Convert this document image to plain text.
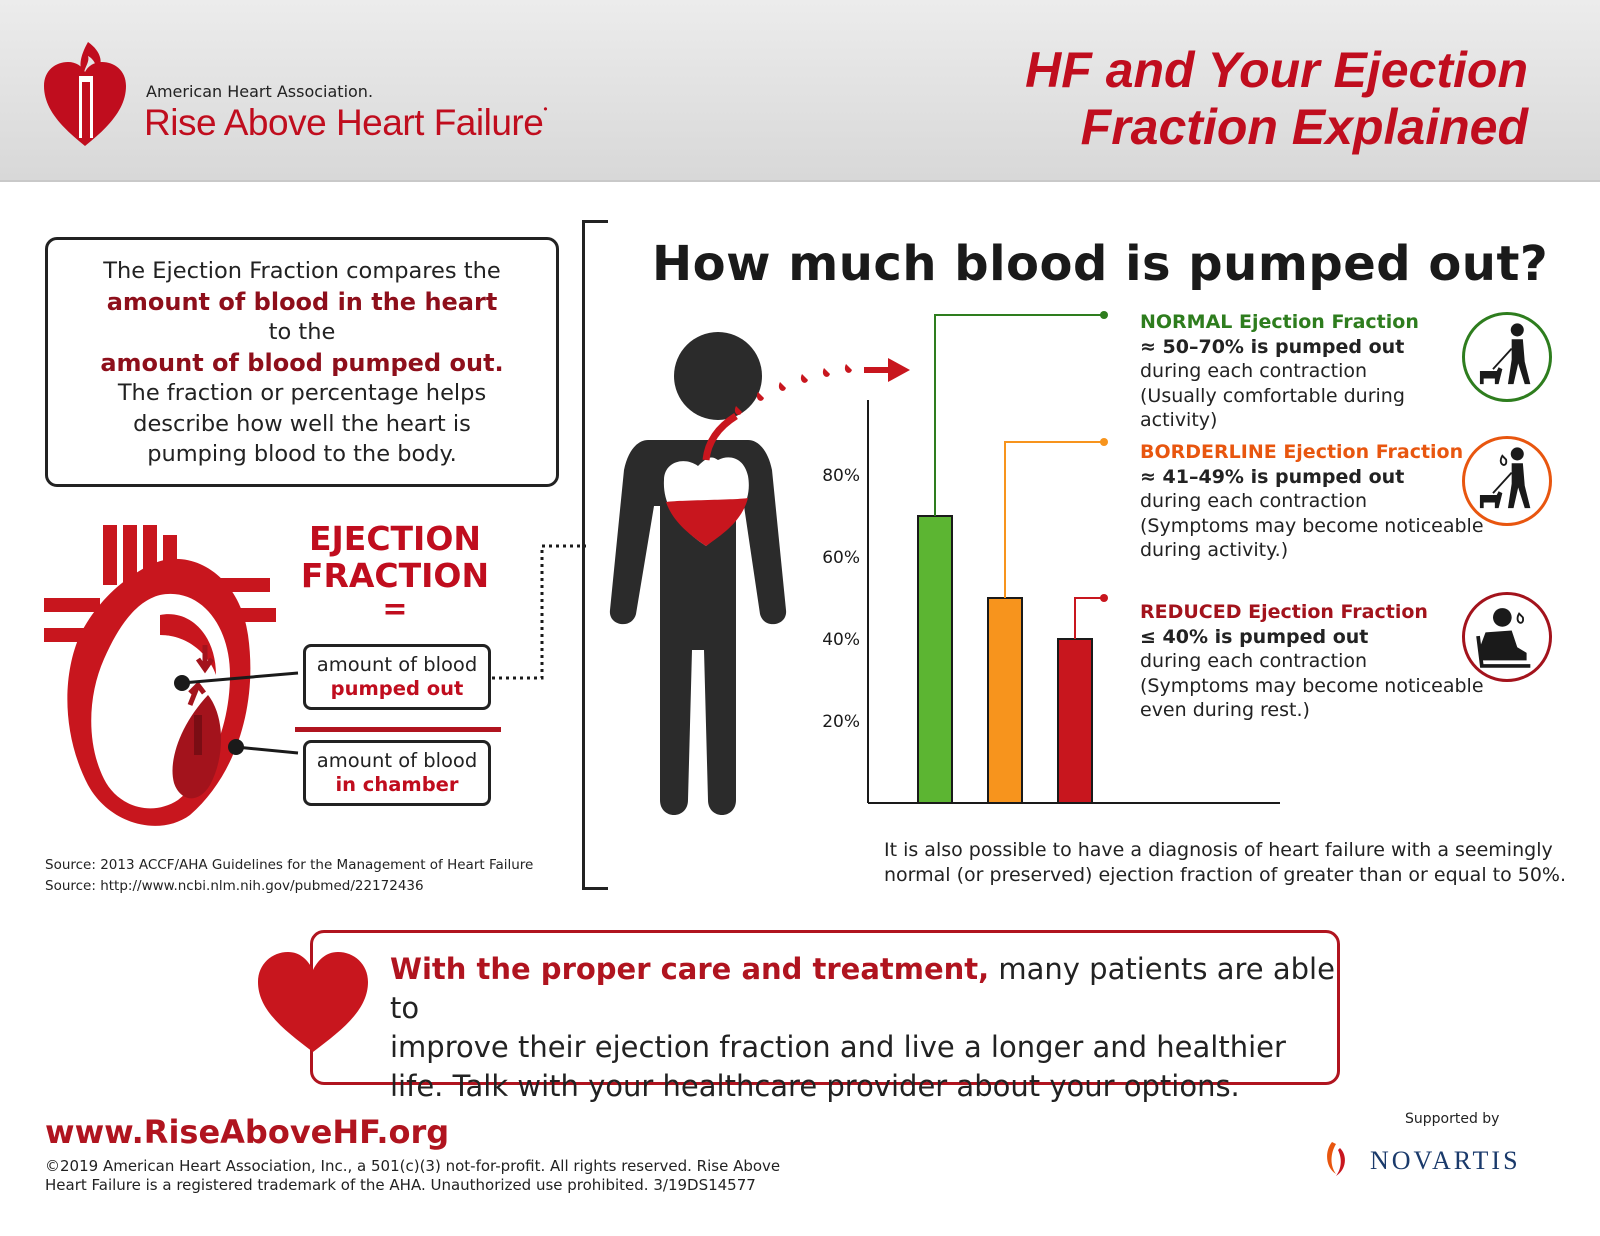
American Heart Association.
Rise Above Heart Failure•
HF and Your Ejection
Fraction Explained
The Ejection Fraction compares the
amount of blood in the heart
to the
amount of blood pumped out.
The fraction or percentage helps
describe how well the heart is
pumping blood to the body.
EJECTION
FRACTION
=
amount of blood
pumped out
amount of blood
in chamber
Source: 2013 ACCF/AHA Guidelines for the Management of Heart Failure
Source: http://www.ncbi.nlm.nih.gov/pubmed/22172436
How much blood is pumped out?
20%
40%
60%
80%
NORMAL Ejection Fraction
≈ 50–70% is pumped out
during each contraction
(Usually comfortable during
activity)
BORDERLINE Ejection Fraction
≈ 41–49% is pumped out
during each contraction
(Symptoms may become noticeable
during activity.)
REDUCED Ejection Fraction
≤ 40% is pumped out
during each contraction
(Symptoms may become noticeable
even during rest.)
It is also possible to have a diagnosis of heart failure with a seemingly
normal (or preserved) ejection fraction of greater than or equal to 50%.
With the proper care and treatment, many patients are able to
improve their ejection fraction and live a longer and healthier
life. Talk with your healthcare provider about your options.
www.RiseAboveHF.org
©2019 American Heart Association, Inc., a 501(c)(3) not-for-profit. All rights reserved. Rise Above
Heart Failure is a registered trademark of the AHA. Unauthorized use prohibited. 3/19DS14577
Supported by
NOVARTIS
